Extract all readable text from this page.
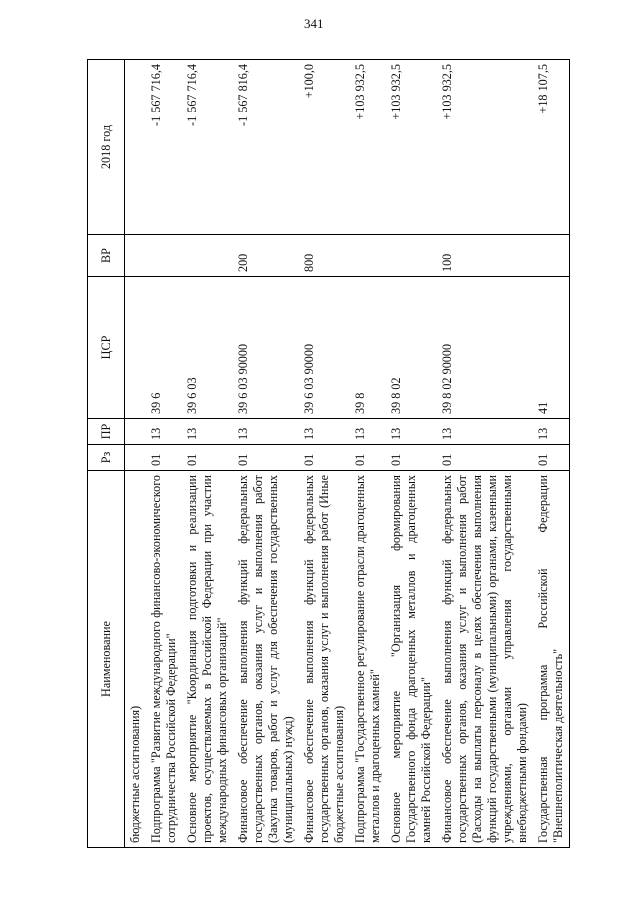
341
Наименование	Рз	ПР	ЦСР	ВР	2018 год
бюджетные ассигнования)					
Подпрограмма "Развитие международного финансово-экономического сотрудничества Российской Федерации"	01	13	39 6		-1 567 716,4
Основное мероприятие "Координация подготовки и реализации проектов, осуществляемых в Российской Федерации при участии международных финансовых организаций"	01	13	39 6 03		-1 567 716,4
Финансовое обеспечение выполнения функций федеральных государственных органов, оказания услуг и выполнения работ (Закупка товаров, работ и услуг для обеспечения государственных (муниципальных) нужд)	01	13	39 6 03 90000	200	-1 567 816,4
Финансовое обеспечение выполнения функций федеральных государственных органов, оказания услуг и выполнения работ (Иные бюджетные ассигнования)	01	13	39 6 03 90000	800	+100,0
Подпрограмма "Государственное регулирование отрасли драгоценных металлов и драгоценных камней"	01	13	39 8		+103 932,5
Основное мероприятие "Организация формирования Государственного фонда драгоценных металлов и драгоценных камней Российской Федерации"	01	13	39 8 02		+103 932,5
Финансовое обеспечение выполнения функций федеральных государственных органов, оказания услуг и выполнения работ (Расходы на выплаты персоналу в целях обеспечения выполнения функций государственными (муниципальными) органами, казенными учреждениями, органами управления государственными внебюджетными фондами)	01	13	39 8 02 90000	100	+103 932,5
Государственная программа Российской Федерации "Внешнеполитическая деятельность"	01	13	41		+18 107,5
